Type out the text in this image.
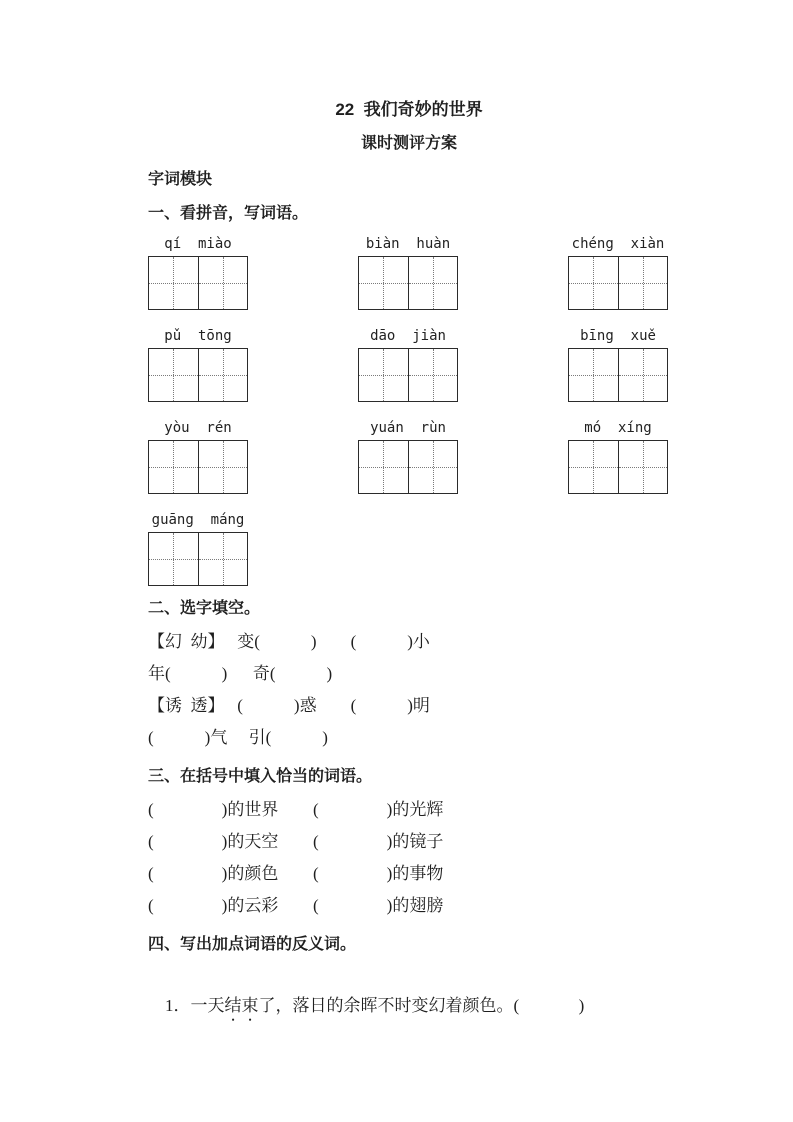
22  我们奇妙的世界
课时测评方案
字词模块
一、看拼音，写词语。
qí  miào	biàn  huàn	chéng  xiàn
pǔ  tōng	dāo  jiàn	bīng  xuě
yòu  rén	yuán  rùn	mó  xíng
guāng  máng
二、选字填空。
【幻  幼】   变(            )        (            )小
年(            )      奇(            )
【诱  透】   (            )惑        (            )明
(            )气     引(            )
三、在括号中填入恰当的词语。
(                )的世界	(                )的光辉
(                )的天空	(                )的镜子
(                )的颜色	(                )的事物
(                )的云彩	(                )的翅膀
四、写出加点词语的反义词。

1．一天结束了，落日的余晖不时变幻着颜色。(              )
